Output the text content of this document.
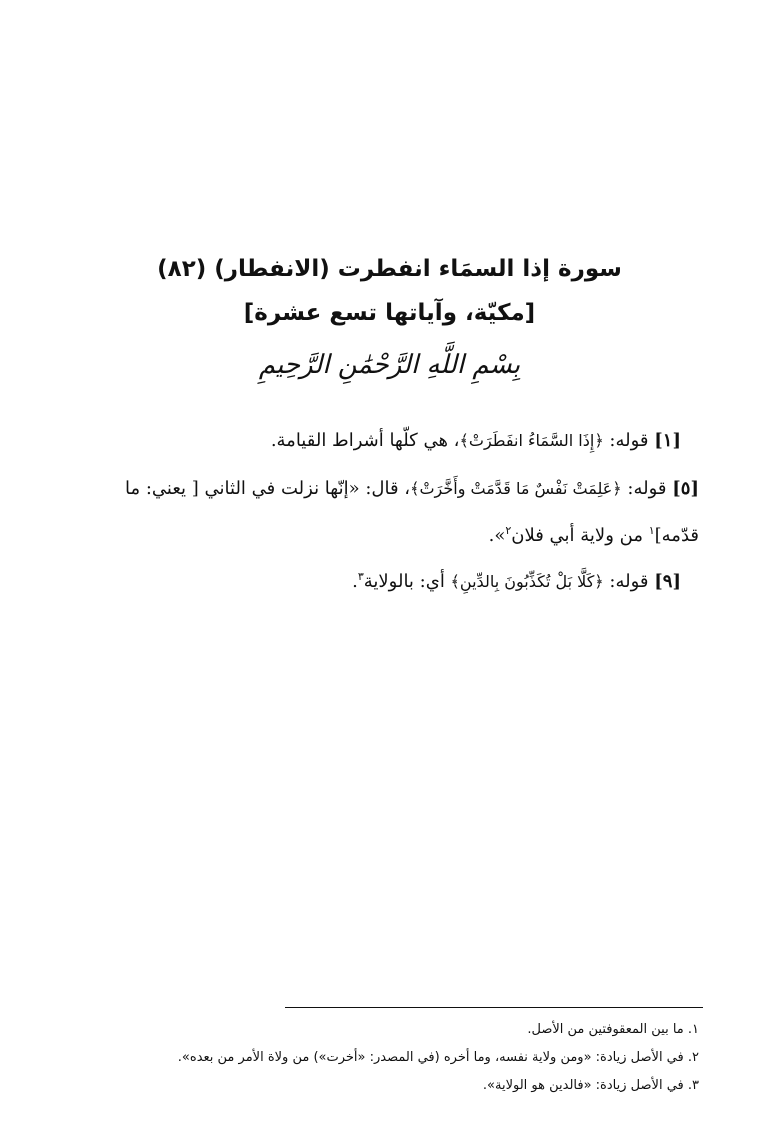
سورة إذا السمَاء انفطرت (الانفطار) (٨٢)
[مكيّة، وآياتها تسع عشرة]
بِسْمِ اللَّهِ الرَّحْمَٰنِ الرَّحِيمِ
[١] قوله: ﴿إِذَا السَّمَاءُ انفَطَرَتْ﴾، هي كلّها أشراط القيامة.
[٥] قوله: ﴿عَلِمَتْ نَفْسٌ مَا قَدَّمَتْ وأَخَّرَتْ﴾، قال: «إنّها نزلت في الثاني [ يعني: ما قدّمه]$^١$ من ولاية أبي فلان$^٢$».
[٩] قوله: ﴿كَلَّا بَلْ تُكَذِّبُونَ بِالدِّينِ﴾ أي: بالولاية$^٣$.
١. ما بين المعقوفتين من الأصل.
٢. في الأصل زيادة: «ومن ولاية نفسه، وما أخره (في المصدر: «أخرت») من ولاة الأمر من بعده».
٣. في الأصل زيادة: «فالدين هو الولاية».
